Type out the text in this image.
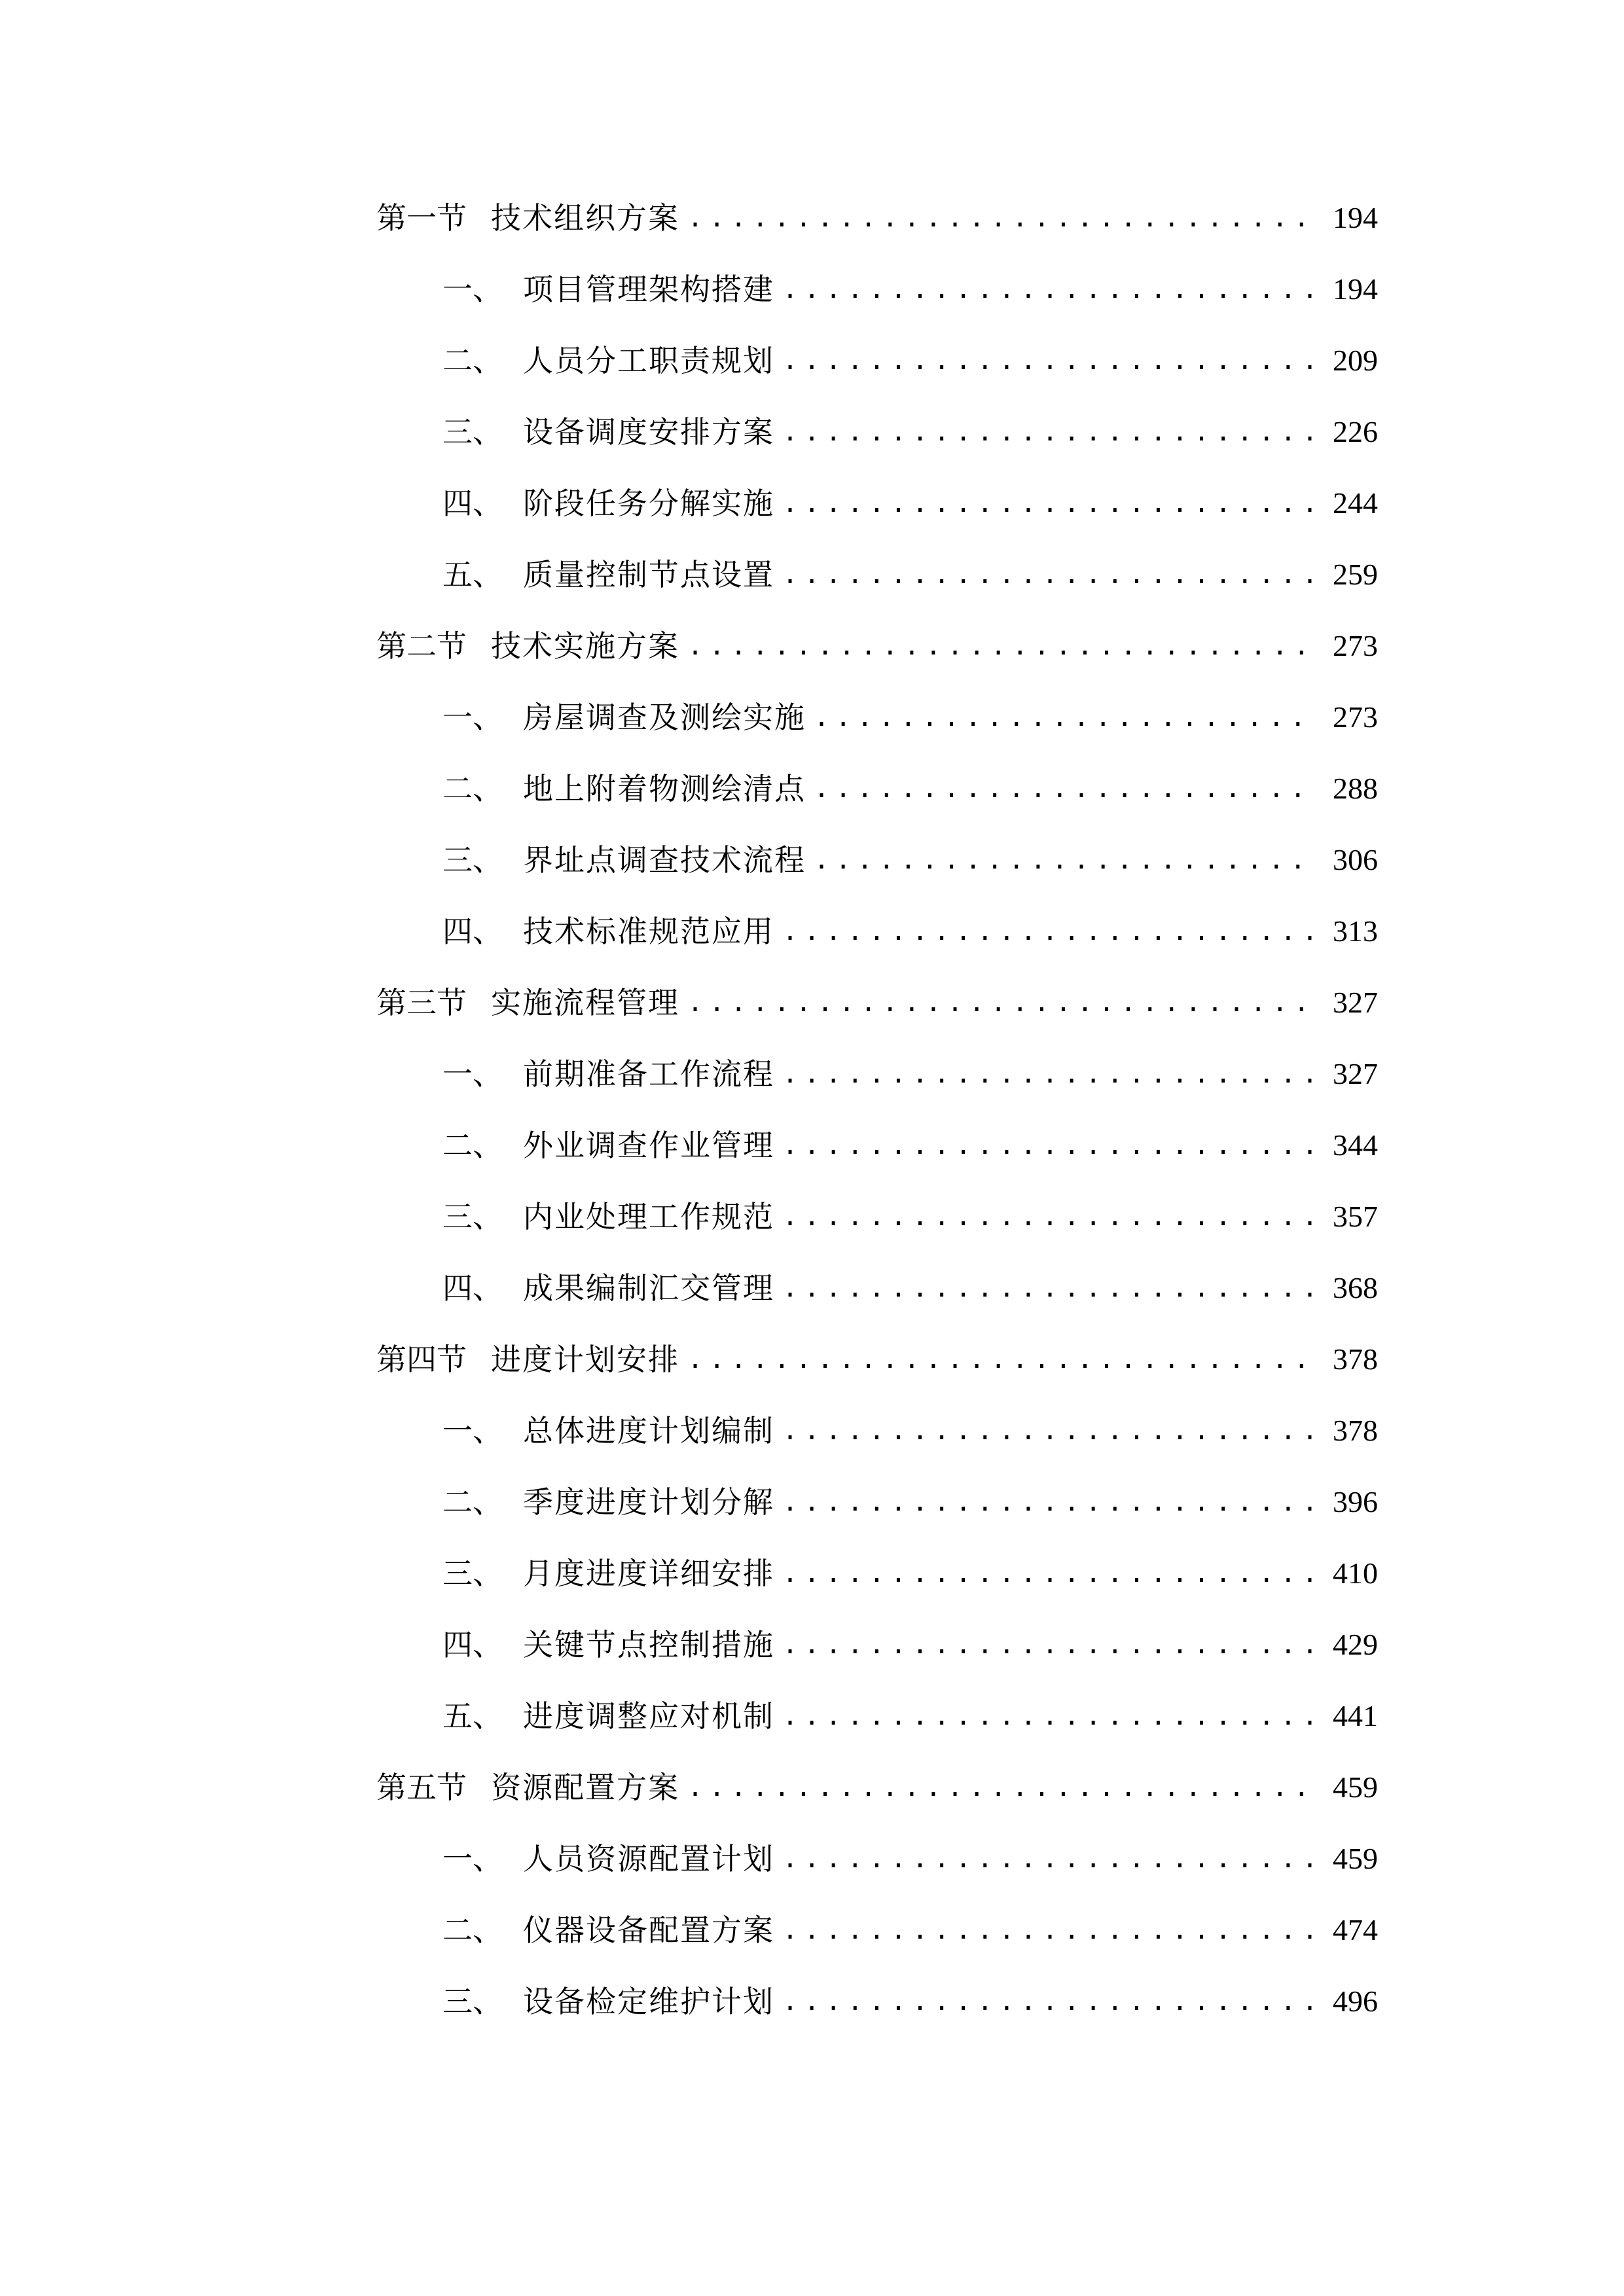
第一节 技术组织方案 .....	194
一、 项目管理架构搭建 .....	194
二、 人员分工职责规划 .....	209
三、 设备调度安排方案 .....	226
四、 阶段任务分解实施 .....	244
五、 质量控制节点设置 .....	259
第二节 技术实施方案 .....	273
一、 房屋调查及测绘实施 .....	273
二、 地上附着物测绘清点 .....	288
三、 界址点调查技术流程 .....	306
四、 技术标准规范应用 .....	313
第三节 实施流程管理 .....	327
一、 前期准备工作流程 .....	327
二、 外业调查作业管理 .....	344
三、 内业处理工作规范 .....	357
四、 成果编制汇交管理 .....	368
第四节 进度计划安排 .....	378
一、 总体进度计划编制 .....	378
二、 季度进度计划分解 .....	396
三、 月度进度详细安排 .....	410
四、 关键节点控制措施 .....	429
五、 进度调整应对机制 .....	441
第五节 资源配置方案 .....	459
一、 人员资源配置计划 .....	459
二、 仪器设备配置方案 .....	474
三、 设备检定维护计划 .....	496
